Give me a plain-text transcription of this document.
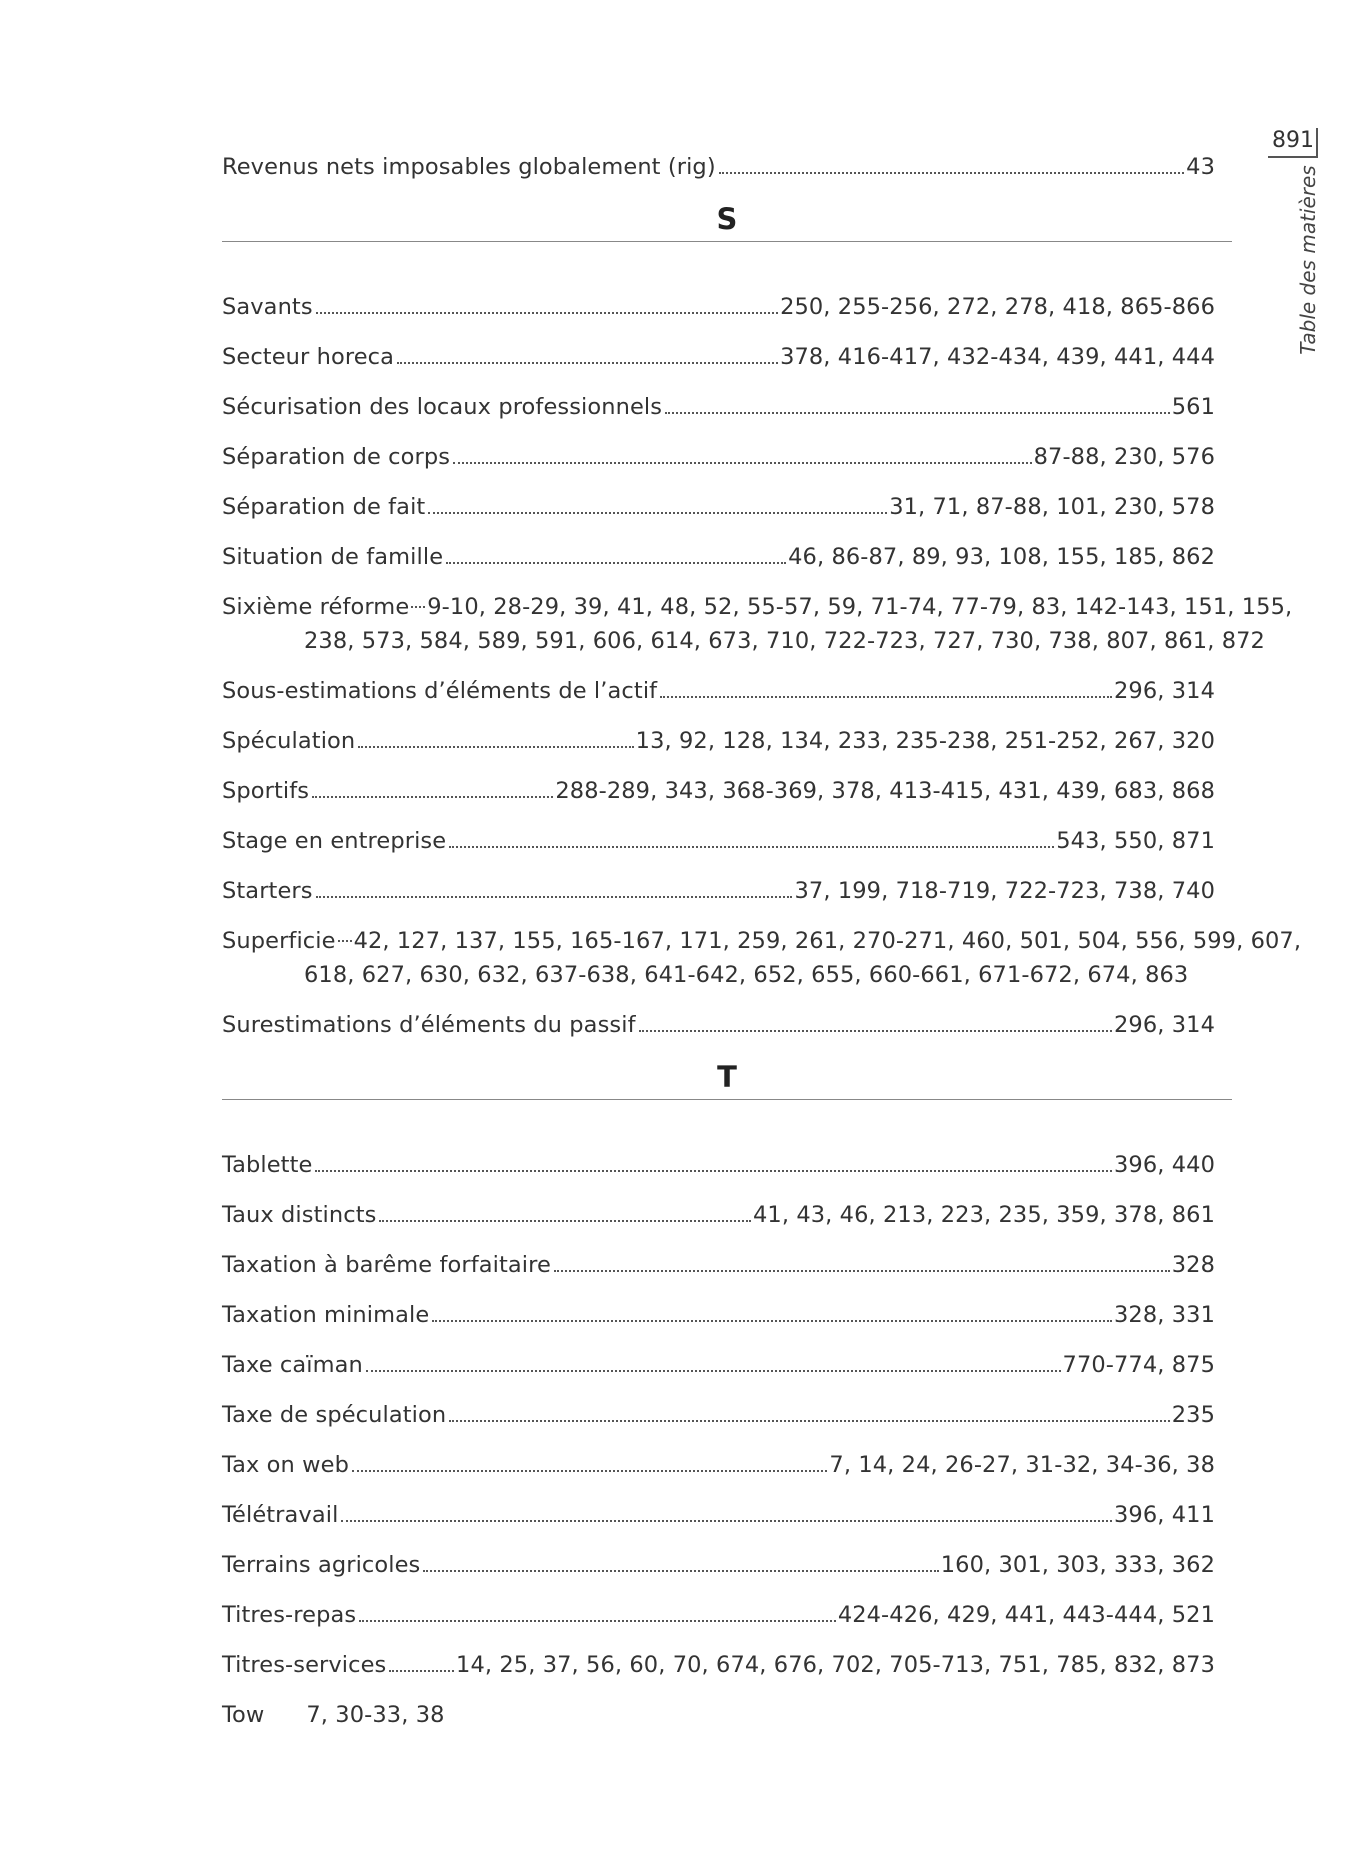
891
Table des matières
Revenus nets imposables globalement (rig)	43
S
Savants	250, 255-256, 272, 278, 418, 865-866
Secteur horeca	378, 416-417, 432-434, 439, 441, 444
Sécurisation des locaux professionnels	561
Séparation de corps	87-88, 230, 576
Séparation de fait	31, 71, 87-88, 101, 230, 578
Situation de famille	46, 86-87, 89, 93, 108, 155, 185, 862
Sixième réforme 9-10, 28-29, 39, 41, 48, 52, 55-57, 59, 71-74, 77-79, 83, 142-143, 151, 155, 238, 573, 584, 589, 591, 606, 614, 673, 710, 722-723, 727, 730, 738, 807, 861, 872
Sous-estimations d’éléments de l’actif	296, 314
Spéculation	13, 92, 128, 134, 233, 235-238, 251-252, 267, 320
Sportifs	288-289, 343, 368-369, 378, 413-415, 431, 439, 683, 868
Stage en entreprise	543, 550, 871
Starters	37, 199, 718-719, 722-723, 738, 740
Superficie 42, 127, 137, 155, 165-167, 171, 259, 261, 270-271, 460, 501, 504, 556, 599, 607, 618, 627, 630, 632, 637-638, 641-642, 652, 655, 660-661, 671-672, 674, 863
Surestimations d’éléments du passif	296, 314
T
Tablette	396, 440
Taux distincts	41, 43, 46, 213, 223, 235, 359, 378, 861
Taxation à barême forfaitaire	328
Taxation minimale	328, 331
Taxe caïman	770-774, 875
Taxe de spéculation	235
Tax on web	7, 14, 24, 26-27, 31-32, 34-36, 38
Télétravail	396, 411
Terrains agricoles	160, 301, 303, 333, 362
Titres-repas	424-426, 429, 441, 443-444, 521
Titres-services	14, 25, 37, 56, 60, 70, 674, 676, 702, 705-713, 751, 785, 832, 873
Tow 7, 30-33, 38
